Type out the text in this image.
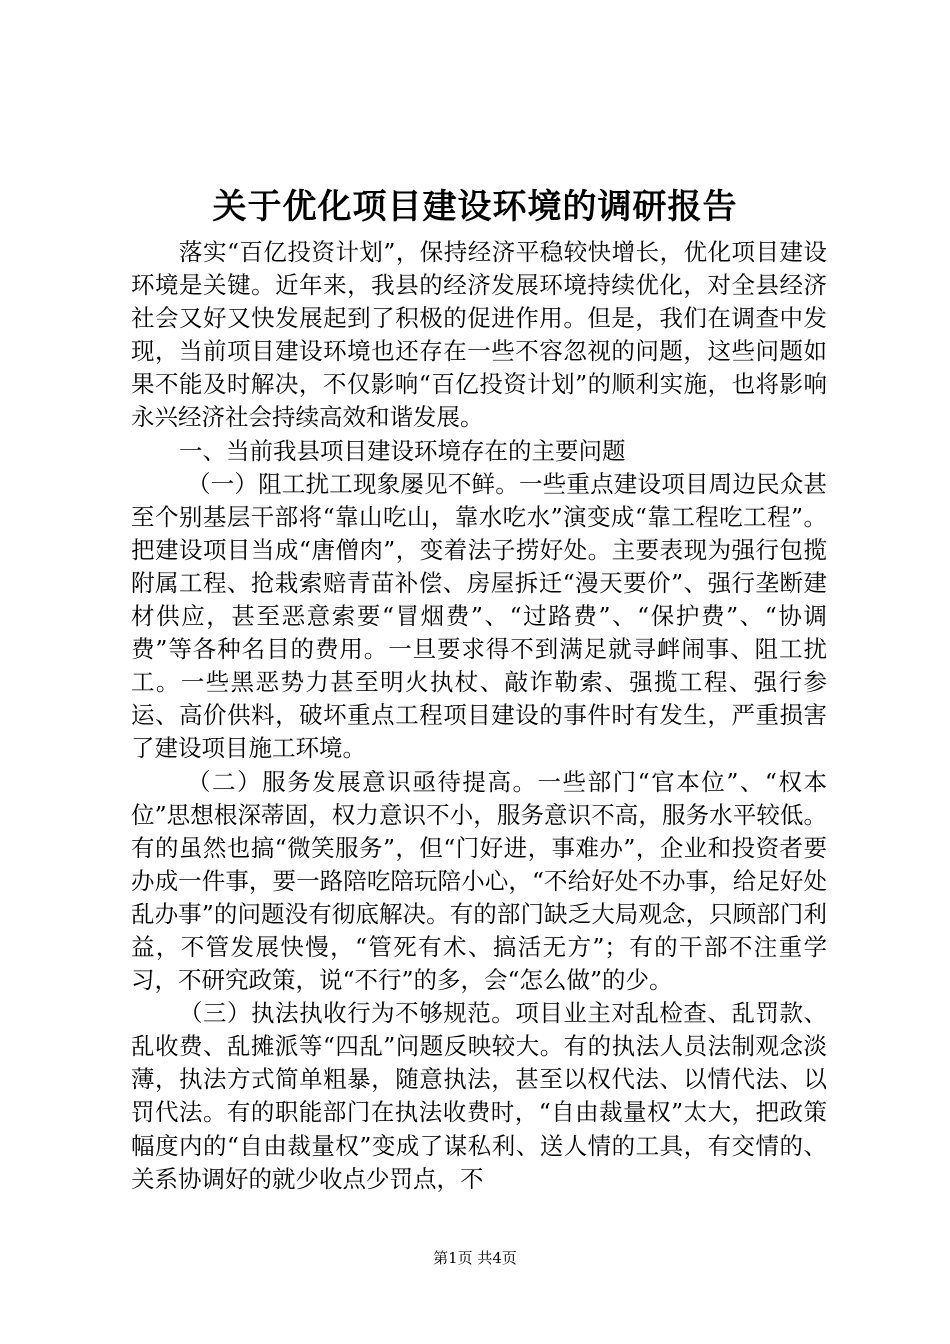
关于优化项目建设环境的调研报告

落实“百亿投资计划”，保持经济平稳较快增长，优化项目建设环境是关键。近年来，我县的经济发展环境持续优化，对全县经济社会又好又快发展起到了积极的促进作用。但是，我们在调查中发现，当前项目建设环境也还存在一些不容忽视的问题，这些问题如果不能及时解决，不仅影响“百亿投资计划”的顺利实施，也将影响永兴经济社会持续高效和谐发展。

一、当前我县项目建设环境存在的主要问题

（一）阻工扰工现象屡见不鲜。一些重点建设项目周边民众甚至个别基层干部将“靠山吃山，靠水吃水”演变成“靠工程吃工程”。把建设项目当成“唐僧肉”，变着法子捞好处。主要表现为强行包揽附属工程、抢栽索赔青苗补偿、房屋拆迁“漫天要价”、强行垄断建材供应，甚至恶意索要“冒烟费”、“过路费”、“保护费”、“协调费”等各种名目的费用。一旦要求得不到满足就寻衅闹事、阻工扰工。一些黑恶势力甚至明火执杖、敲诈勒索、强揽工程、强行参运、高价供料，破坏重点工程项目建设的事件时有发生，严重损害了建设项目施工环境。

（二）服务发展意识亟待提高。一些部门“官本位”、“权本位”思想根深蒂固，权力意识不小，服务意识不高，服务水平较低。有的虽然也搞“微笑服务”，但“门好进，事难办”，企业和投资者要办成一件事，要一路陪吃陪玩陪小心，“不给好处不办事，给足好处乱办事”的问题没有彻底解决。有的部门缺乏大局观念，只顾部门利益，不管发展快慢，“管死有术、搞活无方”；有的干部不注重学习，不研究政策，说“不行”的多，会“怎么做”的少。

（三）执法执收行为不够规范。项目业主对乱检查、乱罚款、乱收费、乱摊派等“四乱”问题反映较大。有的执法人员法制观念淡薄，执法方式简单粗暴，随意执法，甚至以权代法、以情代法、以罚代法。有的职能部门在执法收费时，“自由裁量权”太大，把政策幅度内的“自由裁量权”变成了谋私利、送人情的工具，有交情的、关系协调好的就少收点少罚点，不

第1页 共4页
